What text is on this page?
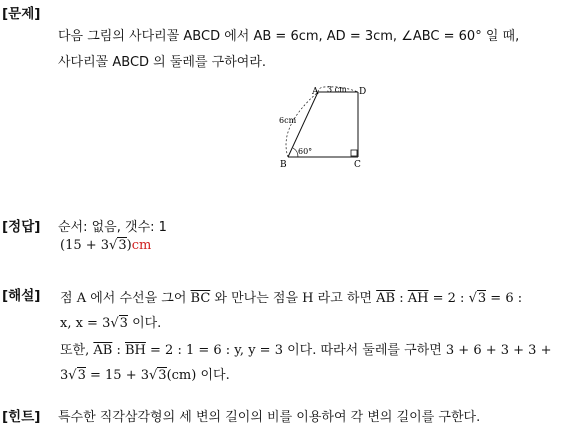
[문제]
다음 그림의 사다리꼴 ABCD 에서 AB = 6cm, AD = 3cm, ∠ABC = 60° 일 때,
사다리꼴 ABCD 의 둘레를 구하여라.
A	D
B	C
3 cm
6cm
60°
[정답] 순서: 없음, 갯수: 1
(15 + 3√3)cm
[해설] 점 A 에서 수선을 그어 $\overline{BC}$ 와 만나는 점을 H 라고 하면 $\overline{AB}$ : $\overline{AH} = 2$ : √3 = 6 :
x, x = 3√3 이다.
또한, $\overline{AB}$ : $\overline{BH} = 2$ : 1 = 6 : y, y = 3 이다. 따라서 둘레를 구하면 3 + 6 + 3 + 3 +
3√3 = 15 + 3√3(cm) 이다.
[힌트] 특수한 직각삼각형의 세 변의 길이의 비를 이용하여 각 변의 길이를 구한다.
